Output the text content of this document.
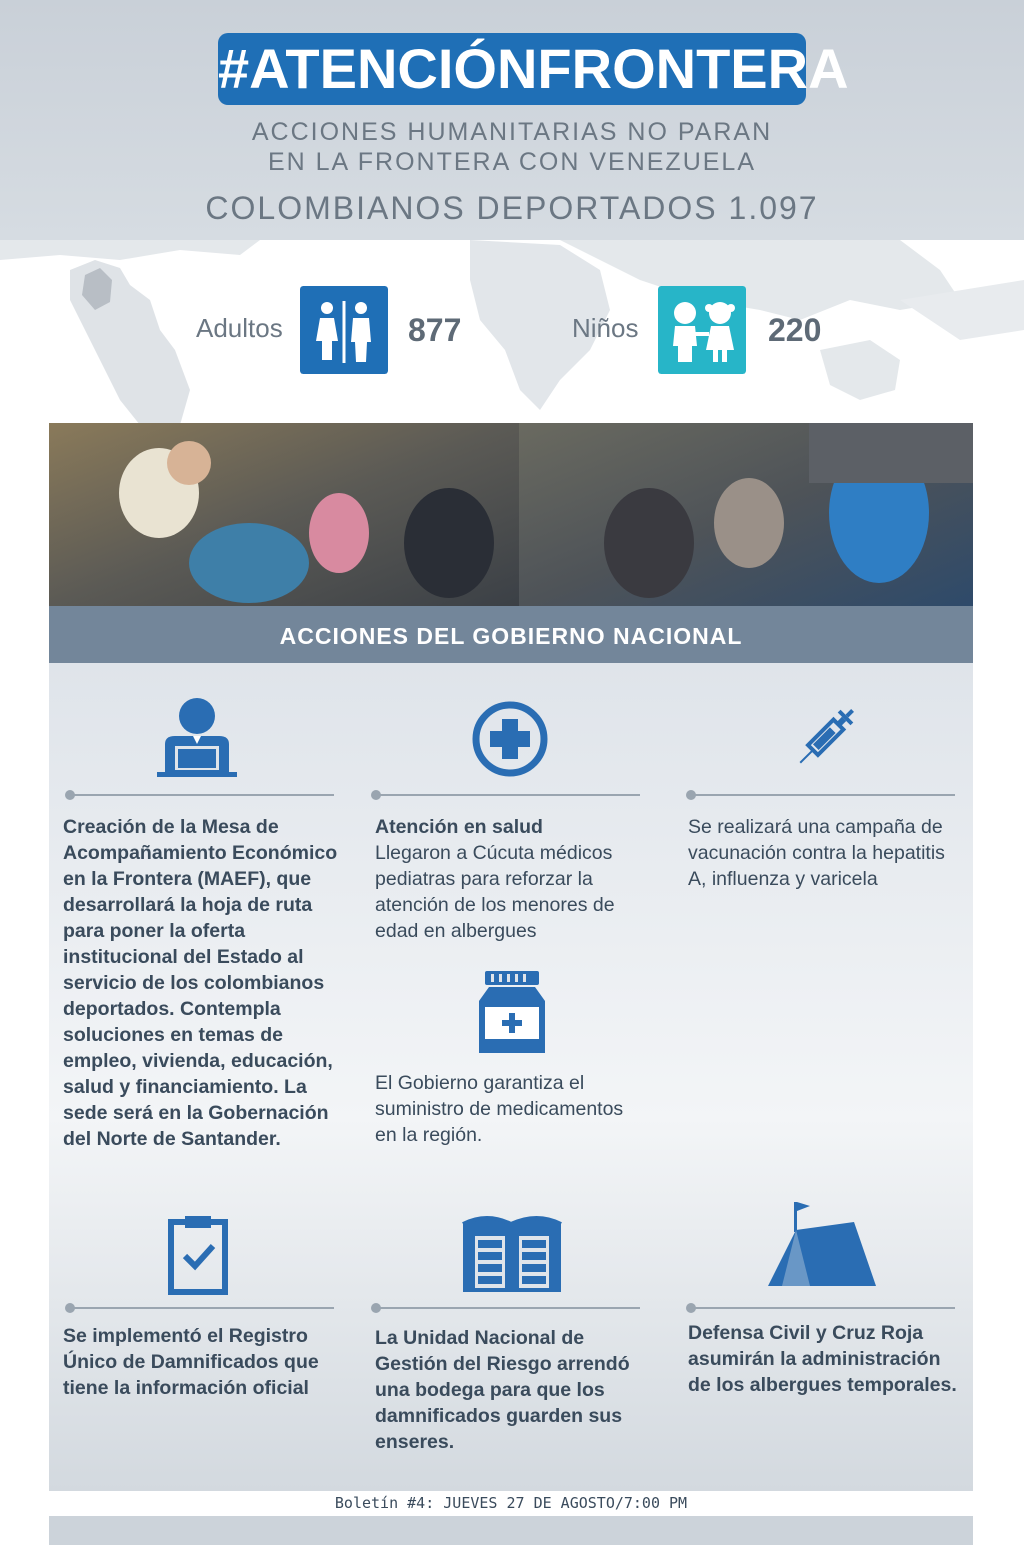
#ATENCIÓNFRONTERA
ACCIONES HUMANITARIAS NO PARAN
EN LA FRONTERA CON VENEZUELA
COLOMBIANOS DEPORTADOS 1.097
Adultos	877	Niños	220
ACCIONES DEL GOBIERNO NACIONAL
Creación de la Mesa de Acompañamiento Económico en la Frontera (MAEF), que desarrollará la hoja de ruta para poner la oferta institucional del Estado al servicio de los colombianos deportados. Contempla soluciones en temas de empleo, vivienda, educación, salud y financiamiento. La sede será en la Gobernación del Norte de Santander.
Atención en salud
Llegaron a Cúcuta médicos pediatras para reforzar la atención de los menores de edad en albergues
Se realizará una campaña de vacunación contra la hepatitis A, influenza y varicela
El Gobierno garantiza el suministro de medicamentos en la región.
Se implementó el Registro Único de Damnificados que tiene la información oficial
La Unidad Nacional de Gestión del Riesgo arrendó una bodega para que los damnificados guarden sus enseres.
Defensa Civil y Cruz Roja asumirán la administración de los albergues temporales.
Boletín #4: JUEVES 27 DE AGOSTO/7:00 PM
